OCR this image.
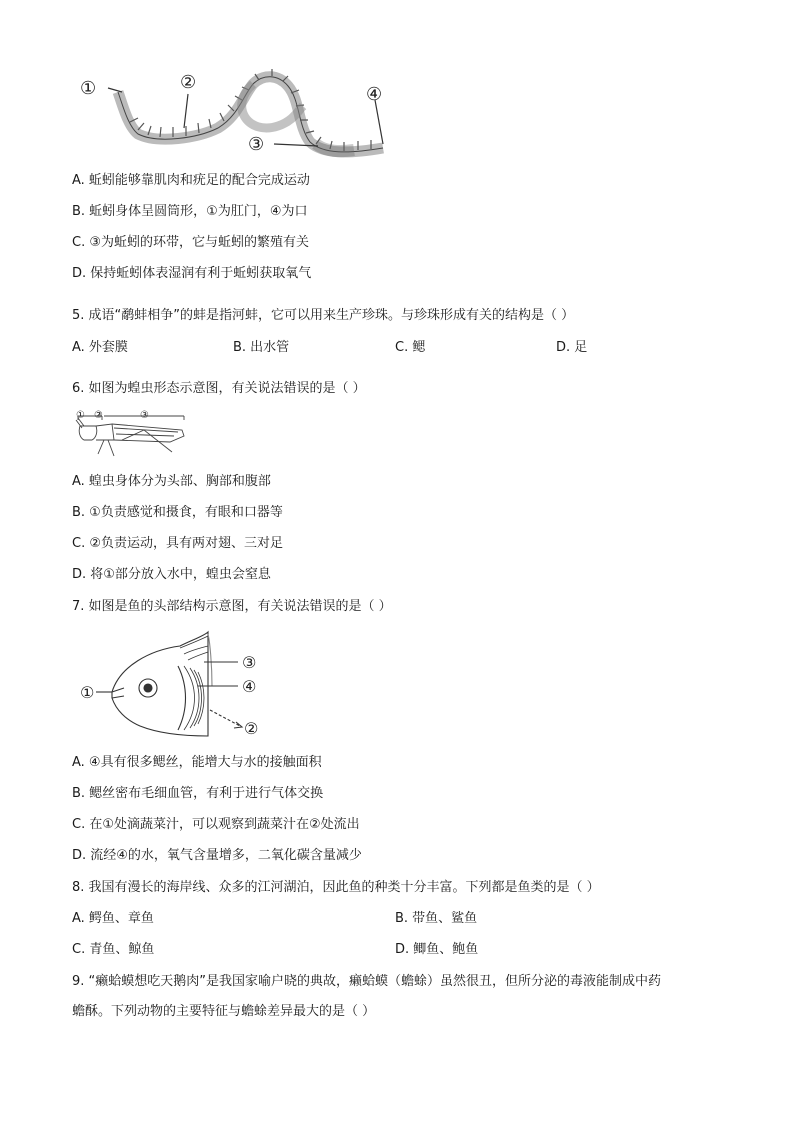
①	②
③
④
A. 蚯蚓能够靠肌肉和疣足的配合完成运动
B. 蚯蚓身体呈圆筒形，①为肛门，④为口
C. ③为蚯蚓的环带，它与蚯蚓的繁殖有关
D. 保持蚯蚓体表湿润有利于蚯蚓获取氧气
5. 成语“鹬蚌相争”的蚌是指河蚌，它可以用来生产珍珠。与珍珠形成有关的结构是（ ）
A. 外套膜	B. 出水管	C. 鳃	D. 足
6. 如图为蝗虫形态示意图，有关说法错误的是（ ）
① ②	③
A. 蝗虫身体分为头部、胸部和腹部
B. ①负责感觉和摄食，有眼和口器等
C. ②负责运动，具有两对翅、三对足
D. 将①部分放入水中，蝗虫会窒息
7. 如图是鱼的头部结构示意图，有关说法错误的是（ ）
①
②
③
④
A. ④具有很多鳃丝，能增大与水的接触面积
B. 鳃丝密布毛细血管，有利于进行气体交换
C. 在①处滴蔬菜汁，可以观察到蔬菜汁在②处流出
D. 流经④的水，氧气含量增多，二氧化碳含量减少
8. 我国有漫长的海岸线、众多的江河湖泊，因此鱼的种类十分丰富。下列都是鱼类的是（ ）
A. 鳄鱼、章鱼	B. 带鱼、鲨鱼
C. 青鱼、鲸鱼	D. 鲫鱼、鲍鱼
9. “癞蛤蟆想吃天鹅肉”是我国家喻户晓的典故，癞蛤蟆（蟾蜍）虽然很丑，但所分泌的毒液能制成中药
蟾酥。下列动物的主要特征与蟾蜍差异最大的是（ ）
